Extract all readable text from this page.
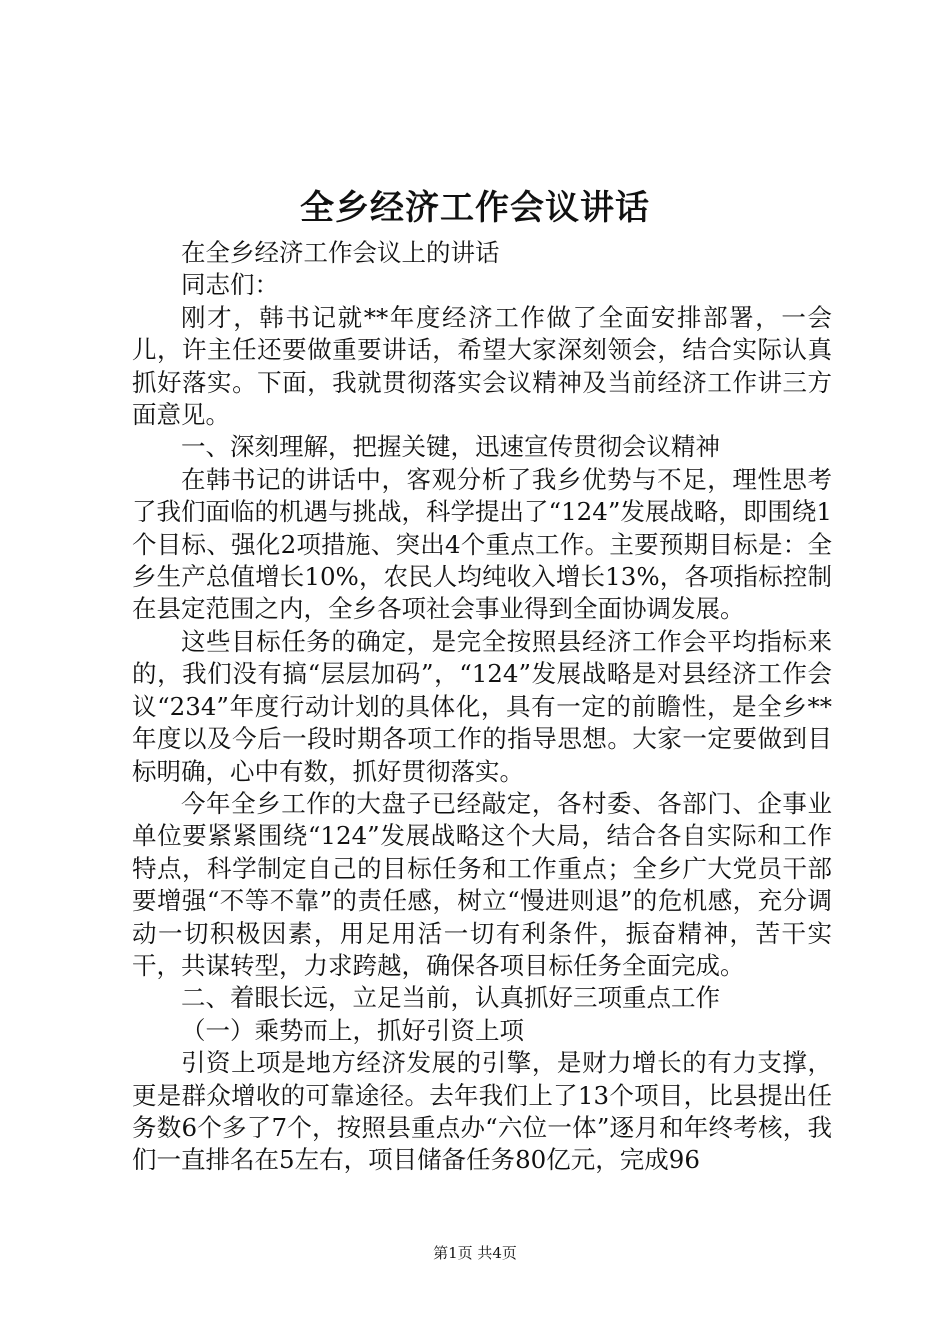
全乡经济工作会议讲话

在全乡经济工作会议上的讲话

同志们：

刚才，韩书记就**年度经济工作做了全面安排部署，一会儿，许主任还要做重要讲话，希望大家深刻领会，结合实际认真抓好落实。下面，我就贯彻落实会议精神及当前经济工作讲三方面意见。

一、深刻理解，把握关键，迅速宣传贯彻会议精神

在韩书记的讲话中，客观分析了我乡优势与不足，理性思考了我们面临的机遇与挑战，科学提出了“124”发展战略，即围绕1个目标、强化2项措施、突出4个重点工作。主要预期目标是：全乡生产总值增长10%，农民人均纯收入增长13%，各项指标控制在县定范围之内，全乡各项社会事业得到全面协调发展。

这些目标任务的确定，是完全按照县经济工作会平均指标来的，我们没有搞“层层加码”，“124”发展战略是对县经济工作会议“234”年度行动计划的具体化，具有一定的前瞻性，是全乡**年度以及今后一段时期各项工作的指导思想。大家一定要做到目标明确，心中有数，抓好贯彻落实。

今年全乡工作的大盘子已经敲定，各村委、各部门、企事业单位要紧紧围绕“124”发展战略这个大局，结合各自实际和工作特点，科学制定自己的目标任务和工作重点；全乡广大党员干部要增强“不等不靠”的责任感，树立“慢进则退”的危机感，充分调动一切积极因素，用足用活一切有利条件，振奋精神，苦干实干，共谋转型，力求跨越，确保各项目标任务全面完成。

二、着眼长远，立足当前，认真抓好三项重点工作

（一）乘势而上，抓好引资上项

引资上项是地方经济发展的引擎，是财力增长的有力支撑，更是群众增收的可靠途径。去年我们上了13个项目，比县提出任务数6个多了7个，按照县重点办“六位一体”逐月和年终考核，我们一直排名在5左右，项目储备任务80亿元，完成96

第1页 共4页
